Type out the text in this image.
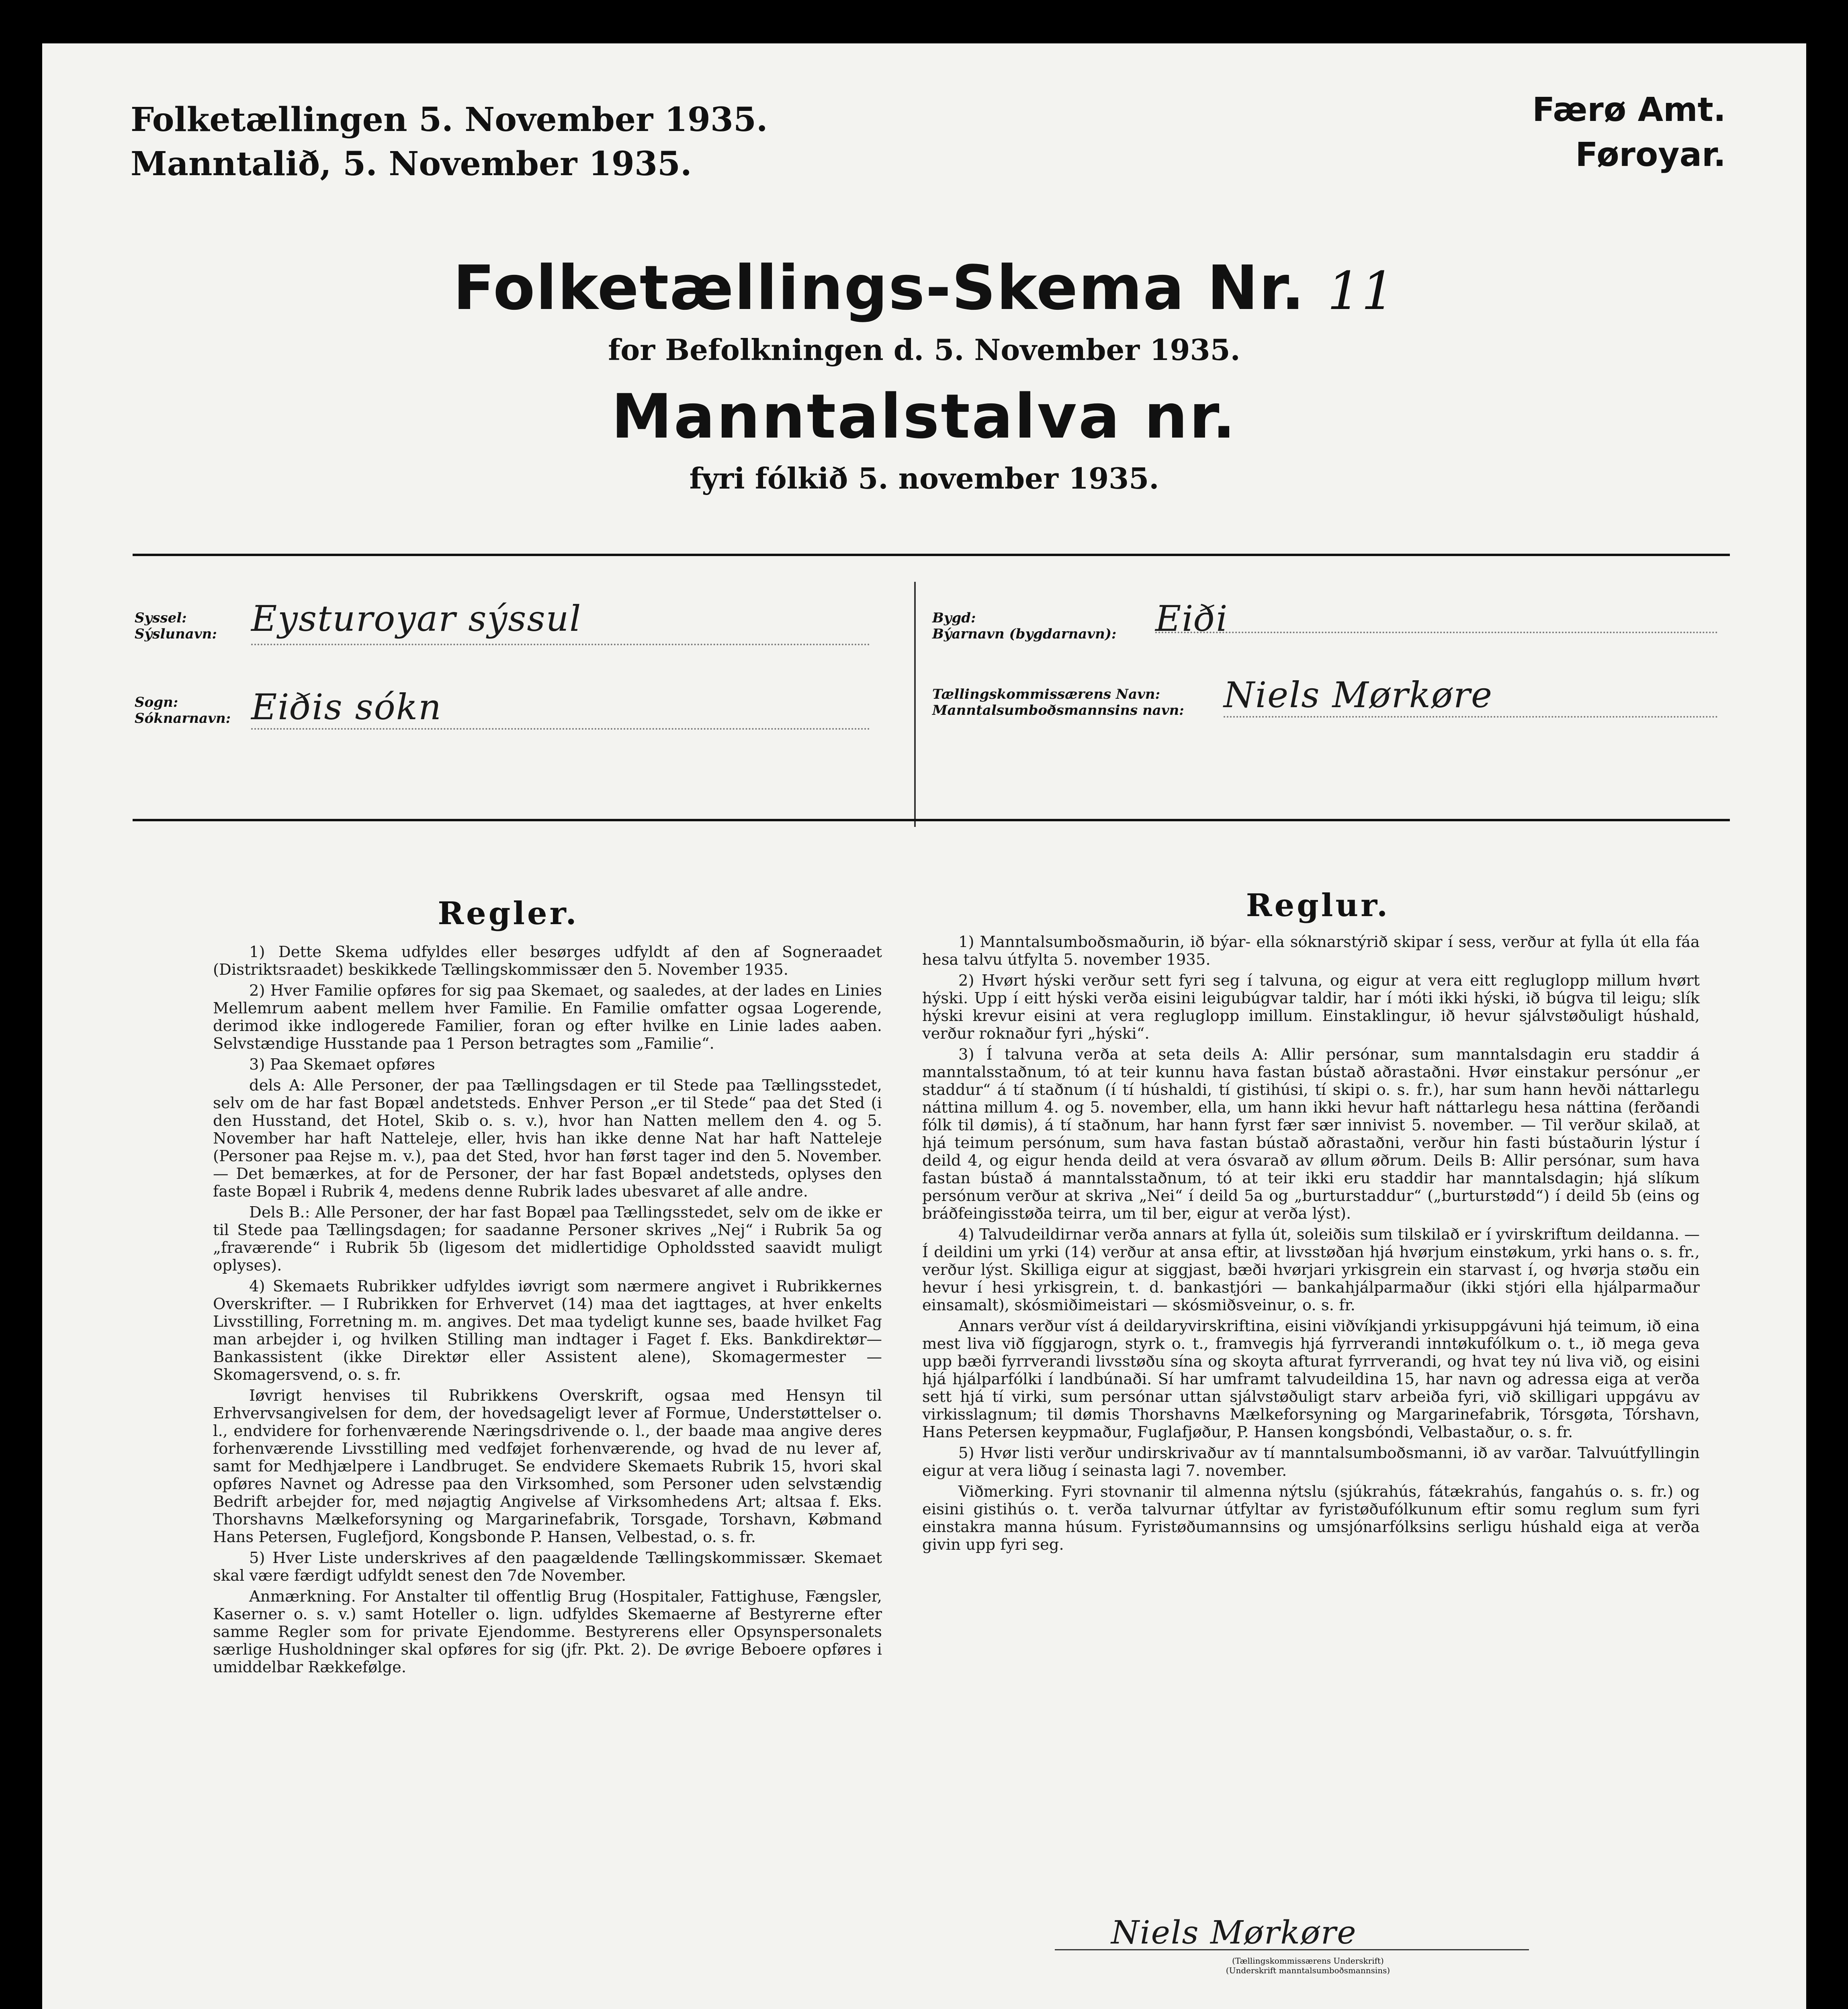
Folketællingen 5. November 1935.
Manntalið, 5. November 1935.
Færø Amt.
Føroyar.
Folketællings-Skema Nr. 11
for Befolkningen d. 5. November 1935.
Manntalstalva nr.
fyri fólkið 5. november 1935.
Syssel:
Sýslunavn: Eysturoyar sýssul
Sogn:
Sóknarnavn: Eiðis sókn
Bygd:
Býarnavn (bygdarnavn): Eiði
Tællingskommissærens Navn:
Manntalsumboðsmannsins navn: Niels Mørkøre
Regler.

1) Dette Skema udfyldes eller besørges udfyldt af den af Sogneraadet (Distriktsraadet) beskikkede Tællingskommissær den 5. November 1935.

2) Hver Familie opføres for sig paa Skemaet, og saaledes, at der lades en Linies Mellemrum aabent mellem hver Familie. En Familie omfatter ogsaa Logerende, derimod ikke indlogerede Familier, foran og efter hvilke en Linie lades aaben. Selvstændige Husstande paa 1 Person betragtes som „Familie“.

3) Paa Skemaet opføres

dels A: Alle Personer, der paa Tællingsdagen er til Stede paa Tællingsstedet, selv om de har fast Bopæl andetsteds. Enhver Person „er til Stede“ paa det Sted (i den Husstand, det Hotel, Skib o. s. v.), hvor han Natten mellem den 4. og 5. November har haft Natteleje, eller, hvis han ikke denne Nat har haft Natteleje (Personer paa Rejse m. v.), paa det Sted, hvor han først tager ind den 5. November. — Det bemærkes, at for de Personer, der har fast Bopæl andetsteds, oplyses den faste Bopæl i Rubrik 4, medens denne Rubrik lades ubesvaret af alle andre.

Dels B.: Alle Personer, der har fast Bopæl paa Tællingsstedet, selv om de ikke er til Stede paa Tællingsdagen; for saadanne Personer skrives „Nej“ i Rubrik 5a og „fraværende“ i Rubrik 5b (ligesom det midlertidige Opholdssted saavidt muligt oplyses).

4) Skemaets Rubrikker udfyldes iøvrigt som nærmere angivet i Rubrikkernes Overskrifter. — I Rubrikken for Erhvervet (14) maa det iagttages, at hver enkelts Livsstilling, Forretning m. m. angives. Det maa tydeligt kunne ses, baade hvilket Fag man arbejder i, og hvilken Stilling man indtager i Faget f. Eks. Bankdirektør—Bankassistent (ikke Direktør eller Assistent alene), Skomagermester — Skomagersvend, o. s. fr.

Iøvrigt henvises til Rubrikkens Overskrift, ogsaa med Hensyn til Erhvervsangivelsen for dem, der hovedsageligt lever af Formue, Understøttelser o. l., endvidere for forhenværende Næringsdrivende o. l., der baade maa angive deres forhenværende Livsstilling med vedføjet forhenværende, og hvad de nu lever af, samt for Medhjælpere i Landbruget. Se endvidere Skemaets Rubrik 15, hvori skal opføres Navnet og Adresse paa den Virksomhed, som Personer uden selvstændig Bedrift arbejder for, med nøjagtig Angivelse af Virksomhedens Art; altsaa f. Eks. Thorshavns Mælkeforsyning og Margarinefabrik, Torsgade, Torshavn, Købmand Hans Petersen, Fuglefjord, Kongsbonde P. Hansen, Velbestad, o. s. fr.

5) Hver Liste underskrives af den paagældende Tællingskommissær. Skemaet skal være færdigt udfyldt senest den 7de November.

Anmærkning. For Anstalter til offentlig Brug (Hospitaler, Fattighuse, Fængsler, Kaserner o. s. v.) samt Hoteller o. lign. udfyldes Skemaerne af Bestyrerne efter samme Regler som for private Ejendomme. Bestyrerens eller Opsynspersonalets særlige Husholdninger skal opføres for sig (jfr. Pkt. 2). De øvrige Beboere opføres i umiddelbar Rækkefølge.

Reglur.

1) Manntalsumboðsmaðurin, ið býar- ella sóknarstýrið skipar í sess, verður at fylla út ella fáa hesa talvu útfylta 5. november 1935.

2) Hvørt hýski verður sett fyri seg í talvuna, og eigur at vera eitt regluglopp millum hvørt hýski. Upp í eitt hýski verða eisini leigubúgvar taldir, har í móti ikki hýski, ið búgva til leigu; slík hýski krevur eisini at vera regluglopp imillum. Einstaklingur, ið hevur sjálvstøðuligt húshald, verður roknaður fyri „hýski“.

3) Í talvuna verða at seta deils A: Allir persónar, sum manntalsdagin eru staddir á manntalsstaðnum, tó at teir kunnu hava fastan bústað aðrastaðni. Hvør einstakur persónur „er staddur“ á tí staðnum (í tí húshaldi, tí gistihúsi, tí skipi o. s. fr.), har sum hann hevði náttarlegu náttina millum 4. og 5. november, ella, um hann ikki hevur haft náttarlegu hesa náttina (ferðandi fólk til dømis), á tí staðnum, har hann fyrst fær sær innivist 5. november. — Til verður skilað, at hjá teimum persónum, sum hava fastan bústað aðrastaðni, verður hin fasti bústaðurin lýstur í deild 4, og eigur henda deild at vera ósvarað av øllum øðrum. Deils B: Allir persónar, sum hava fastan bústað á manntalsstaðnum, tó at teir ikki eru staddir har manntalsdagin; hjá slíkum persónum verður at skriva „Nei“ í deild 5a og „burturstaddur“ („burturstødd“) í deild 5b (eins og bráðfeingisstøða teirra, um til ber, eigur at verða lýst).

4) Talvudeildirnar verða annars at fylla út, soleiðis sum tilskilað er í yvirskriftum deildanna. — Í deildini um yrki (14) verður at ansa eftir, at livsstøðan hjá hvørjum einstøkum, yrki hans o. s. fr., verður lýst. Skilliga eigur at siggjast, bæði hvørjari yrkisgrein ein starvast í, og hvørja støðu ein hevur í hesi yrkisgrein, t. d. bankastjóri — bankahjálparmaður (ikki stjóri ella hjálparmaður einsamalt), skósmiðimeistari — skósmiðsveinur, o. s. fr.

Annars verður víst á deildaryvirskriftina, eisini viðvíkjandi yrkisuppgávuni hjá teimum, ið eina mest liva við fíggjarogn, styrk o. t., framvegis hjá fyrrverandi inntøkufólkum o. t., ið mega geva upp bæði fyrrverandi livsstøðu sína og skoyta afturat fyrrverandi, og hvat tey nú liva við, og eisini hjá hjálparfólki í landbúnaði. Sí har umframt talvudeildina 15, har navn og adressa eiga at verða sett hjá tí virki, sum persónar uttan sjálvstøðuligt starv arbeiða fyri, við skilligari uppgávu av virkisslagnum; til dømis Thorshavns Mælkeforsyning og Margarinefabrik, Tórsgøta, Tórshavn, Hans Petersen keypmaður, Fuglafjøður, P. Hansen kongsbóndi, Velbastaður, o. s. fr.

5) Hvør listi verður undirskrivaður av tí manntalsumboðsmanni, ið av varðar. Talvuútfyllingin eigur at vera liðug í seinasta lagi 7. november.

Viðmerking. Fyri stovnanir til almenna nýtslu (sjúkrahús, fátækrahús, fangahús o. s. fr.) og eisini gistihús o. t. verða talvurnar útfyltar av fyristøðufólkunum eftir somu reglum sum fyri einstakra manna húsum. Fyristøðumannsins og umsjónarfólksins serligu húshald eiga at verða givin upp fyri seg.

Niels Mørkøre
(Tællingskommissærens Underskrift)
(Underskrift manntalsumboðsmannsins)
